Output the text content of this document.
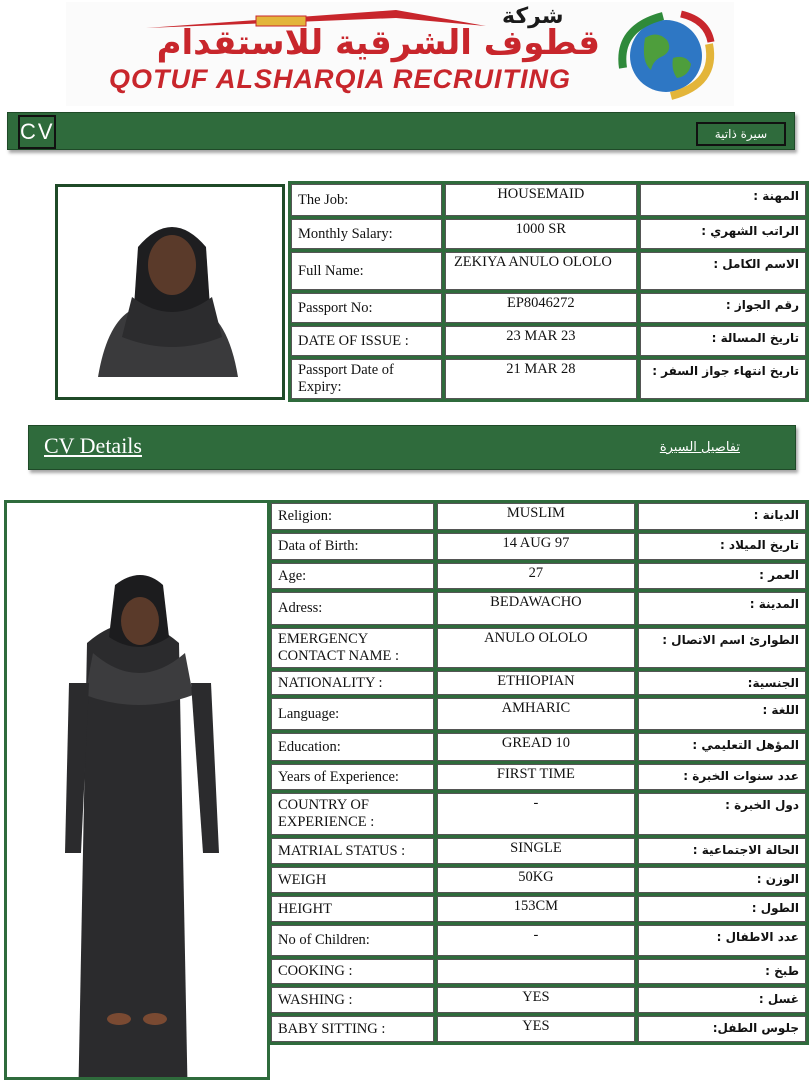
شركة
قطوف الشرقية للاستقدام
QOTUF ALSHARQIA RECRUITING
CV	سيرة ذاتية
The Job:	HOUSEMAID	المهنة :
Monthly Salary:	1000 SR	الراتب الشهري :
Full Name:	ZEKIYA ANULO OLOLO	الاسم الكامل :
Passport No:	EP8046272	رقم الجواز :
DATE OF ISSUE :	23 MAR 23	تاريخ المسالة :
Passport Date of Expiry:	21 MAR 28	تاريخ انتهاء جواز السفر :
CV Details	تفاصيل السيرة
Religion:	MUSLIM	الديانة :
Data of Birth:	14 AUG 97	تاريخ الميلاد :
Age:	27	العمر :
Adress:	BEDAWACHO	المدينة :
EMERGENCY CONTACT NAME :	ANULO OLOLO	الطوارئ اسم الاتصال :
NATIONALITY :	ETHIOPIAN	الجنسية:
Language:	AMHARIC	اللغة :
Education:	GREAD 10	المؤهل التعليمي :
Years of Experience:	FIRST TIME	عدد سنوات الخبرة :
COUNTRY OF EXPERIENCE :	-	دول الخبرة :
MATRIAL STATUS :	SINGLE	الحالة الاجتماعية :
WEIGH	50KG	الوزن :
HEIGHT	153CM	الطول :
No of Children:	-	عدد الاطفال :
COOKING :		طبخ :
WASHING :	YES	غسل :
BABY SITTING :	YES	جلوس الطفل:
